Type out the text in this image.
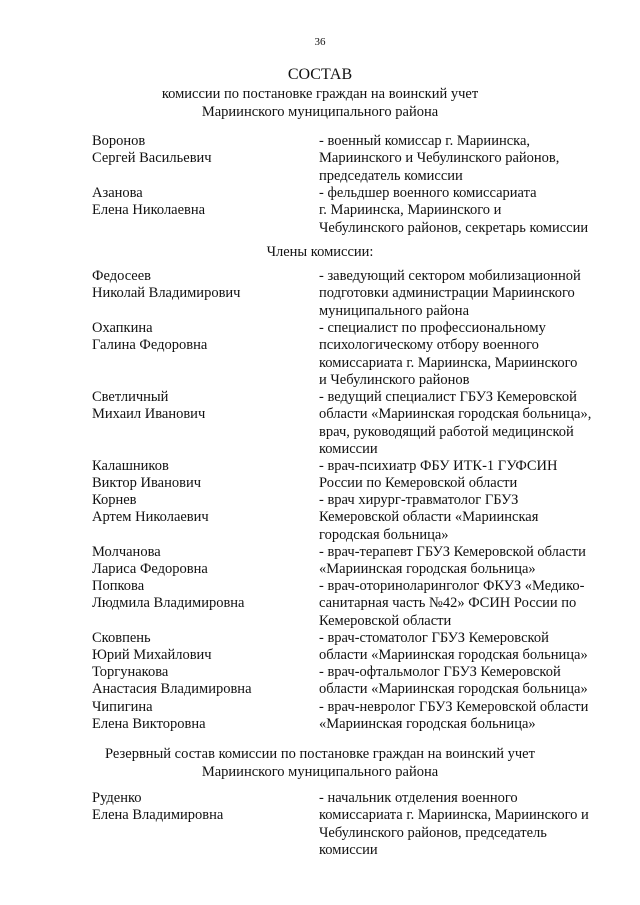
36
СОСТАВ
комиссии по постановке граждан на воинский учет
Мариинского муниципального района
Воронов
Сергей Васильевич
- военный комиссар г. Мариинска,
Мариинского и Чебулинского районов,
председатель комиссии
Азанова
Елена Николаевна
- фельдшер военного комиссариата
г. Мариинска, Мариинского и
Чебулинского районов, секретарь комиссии
Члены комиссии:
Федосеев
Николай Владимирович
- заведующий сектором мобилизационной
подготовки администрации Мариинского
муниципального района
Охапкина
Галина Федоровна
- специалист по профессиональному
психологическому отбору военного
комиссариата г. Мариинска, Мариинского
и Чебулинского районов
Светличный
Михаил Иванович
- ведущий специалист ГБУЗ Кемеровской
области «Мариинская городская больница»,
врач, руководящий работой медицинской
комиссии
Калашников
Виктор Иванович
- врач-психиатр ФБУ ИТК-1 ГУФСИН
России по Кемеровской области
Корнев
Артем Николаевич
- врач хирург-травматолог ГБУЗ
Кемеровской области «Мариинская
городская больница»
Молчанова
Лариса Федоровна
- врач-терапевт ГБУЗ Кемеровской области
«Мариинская городская больница»
Попкова
Людмила Владимировна
- врач-оториноларинголог ФКУЗ «Медико-
санитарная часть №42» ФСИН России по
Кемеровской области
Сковпень
Юрий Михайлович
- врач-стоматолог ГБУЗ Кемеровской
области «Мариинская городская больница»
Торгунакова
Анастасия Владимировна
- врач-офтальмолог ГБУЗ Кемеровской
области «Мариинская городская больница»
Чипигина
Елена Викторовна
- врач-невролог ГБУЗ Кемеровской области
«Мариинская городская больница»
Резервный состав комиссии по постановке граждан на воинский учет
Мариинского муниципального района
Руденко
Елена Владимировна
- начальник отделения военного
комиссариата г. Мариинска, Мариинского и
Чебулинского районов, председатель
комиссии
